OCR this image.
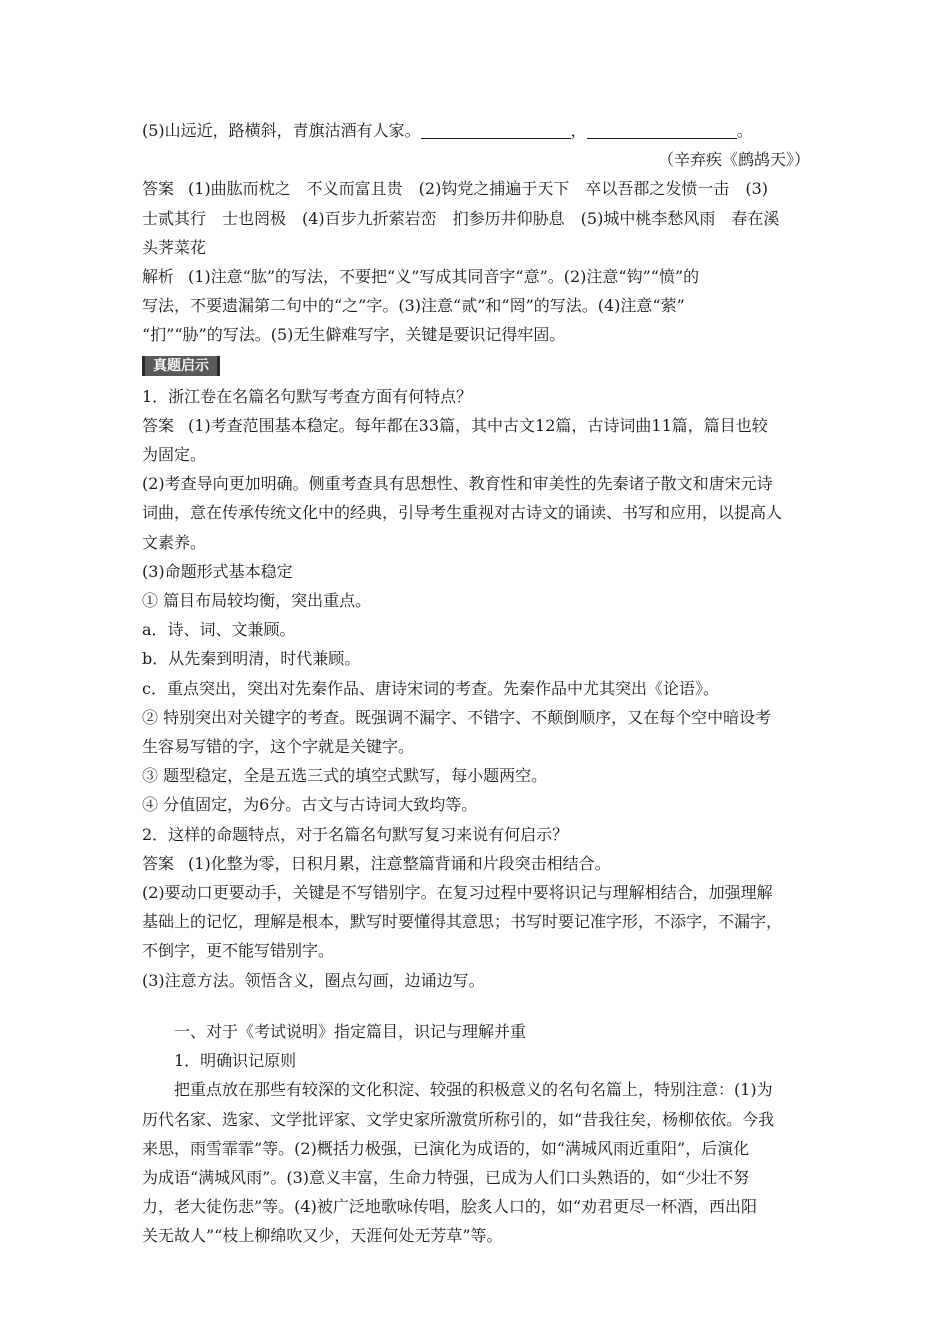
(5)山远近，路横斜，青旗沽酒有人家。	，	。

（辛弃疾《鹧鸪天》）

答案 (1)曲肱而枕之　不义而富且贵　(2)钩党之捕遍于天下　卒以吾郡之发愤一击　(3)

士贰其行　士也罔极　(4)百步九折萦岩峦　扪参历井仰胁息　(5)城中桃李愁风雨　春在溪

头荠菜花

解析 (1)注意“肱”的写法，不要把“义”写成其同音字“意”。(2)注意“钩”“愤”的

写法，不要遗漏第二句中的“之”字。(3)注意“贰”和“罔”的写法。(4)注意“萦”

“扪”“胁”的写法。(5)无生僻难写字，关键是要识记得牢固。

真题启示

1．浙江卷在名篇名句默写考查方面有何特点？

答案 (1)考查范围基本稳定。每年都在33篇，其中古文12篇，古诗词曲11篇，篇目也较

为固定。

(2)考查导向更加明确。侧重考查具有思想性、教育性和审美性的先秦诸子散文和唐宋元诗

词曲，意在传承传统文化中的经典，引导考生重视对古诗文的诵读、书写和应用，以提高人

文素养。

(3)命题形式基本稳定

① 篇目布局较均衡，突出重点。

a．诗、词、文兼顾。

b．从先秦到明清，时代兼顾。

c．重点突出，突出对先秦作品、唐诗宋词的考查。先秦作品中尤其突出《论语》。

② 特别突出对关键字的考查。既强调不漏字、不错字、不颠倒顺序，又在每个空中暗设考

生容易写错的字，这个字就是关键字。

③ 题型稳定，全是五选三式的填空式默写，每小题两空。

④ 分值固定，为6分。古文与古诗词大致均等。

2．这样的命题特点，对于名篇名句默写复习来说有何启示？

答案 (1)化整为零，日积月累，注意整篇背诵和片段突击相结合。

(2)要动口更要动手，关键是不写错别字。在复习过程中要将识记与理解相结合，加强理解

基础上的记忆，理解是根本，默写时要懂得其意思；书写时要记准字形，不添字，不漏字，

不倒字，更不能写错别字。

(3)注意方法。领悟含义，圈点勾画，边诵边写。

一、对于《考试说明》指定篇目，识记与理解并重

1．明确识记原则

把重点放在那些有较深的文化积淀、较强的积极意义的名句名篇上，特别注意：(1)为

历代名家、选家、文学批评家、文学史家所激赏所称引的，如“昔我往矣，杨柳依依。今我

来思，雨雪霏霏”等。(2)概括力极强，已演化为成语的，如“满城风雨近重阳”，后演化

为成语“满城风雨”。(3)意义丰富，生命力特强，已成为人们口头熟语的，如“少壮不努

力，老大徒伤悲”等。(4)被广泛地歌咏传唱，脍炙人口的，如“劝君更尽一杯酒，西出阳

关无故人”“枝上柳绵吹又少，天涯何处无芳草”等。
